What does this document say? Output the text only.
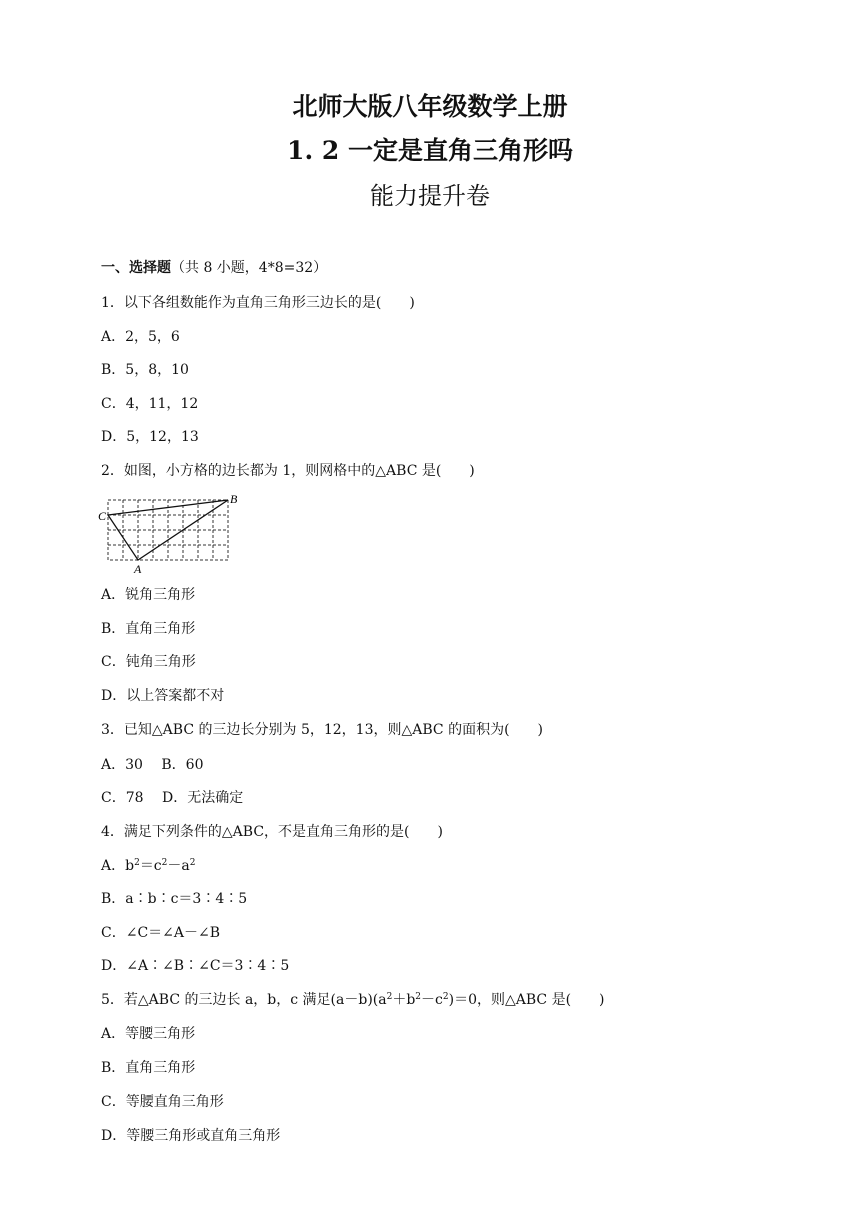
北师大版八年级数学上册
1. 2 一定是直角三角形吗
能力提升卷

一、选择题（共 8 小题，4*8=32）

1．以下各组数能作为直角三角形三边长的是(　　)

A．2，5，6

B．5，8，10

C．4，11，12

D．5，12，13

2．如图，小方格的边长都为 1，则网格中的△ABC 是(　　)

C
B
A

A．锐角三角形

B．直角三角形

C．钝角三角形

D．以上答案都不对

3．已知△ABC 的三边长分别为 5，12，13，则△ABC 的面积为(　　)

A．30　 B．60

C．78　 D．无法确定

4．满足下列条件的△ABC，不是直角三角形的是(　　)

A．$b^2=c^2-a^2$

B．a∶b∶c＝3∶4∶5

C．∠C＝∠A－∠B

D．∠A∶∠B∶∠C＝3∶4∶5

5．若△ABC 的三边长 a，b，c 满足$(a-b)(a^2+b^2-c^2)=0$，则△ABC 是(　　)

A．等腰三角形

B．直角三角形

C．等腰直角三角形

D．等腰三角形或直角三角形
